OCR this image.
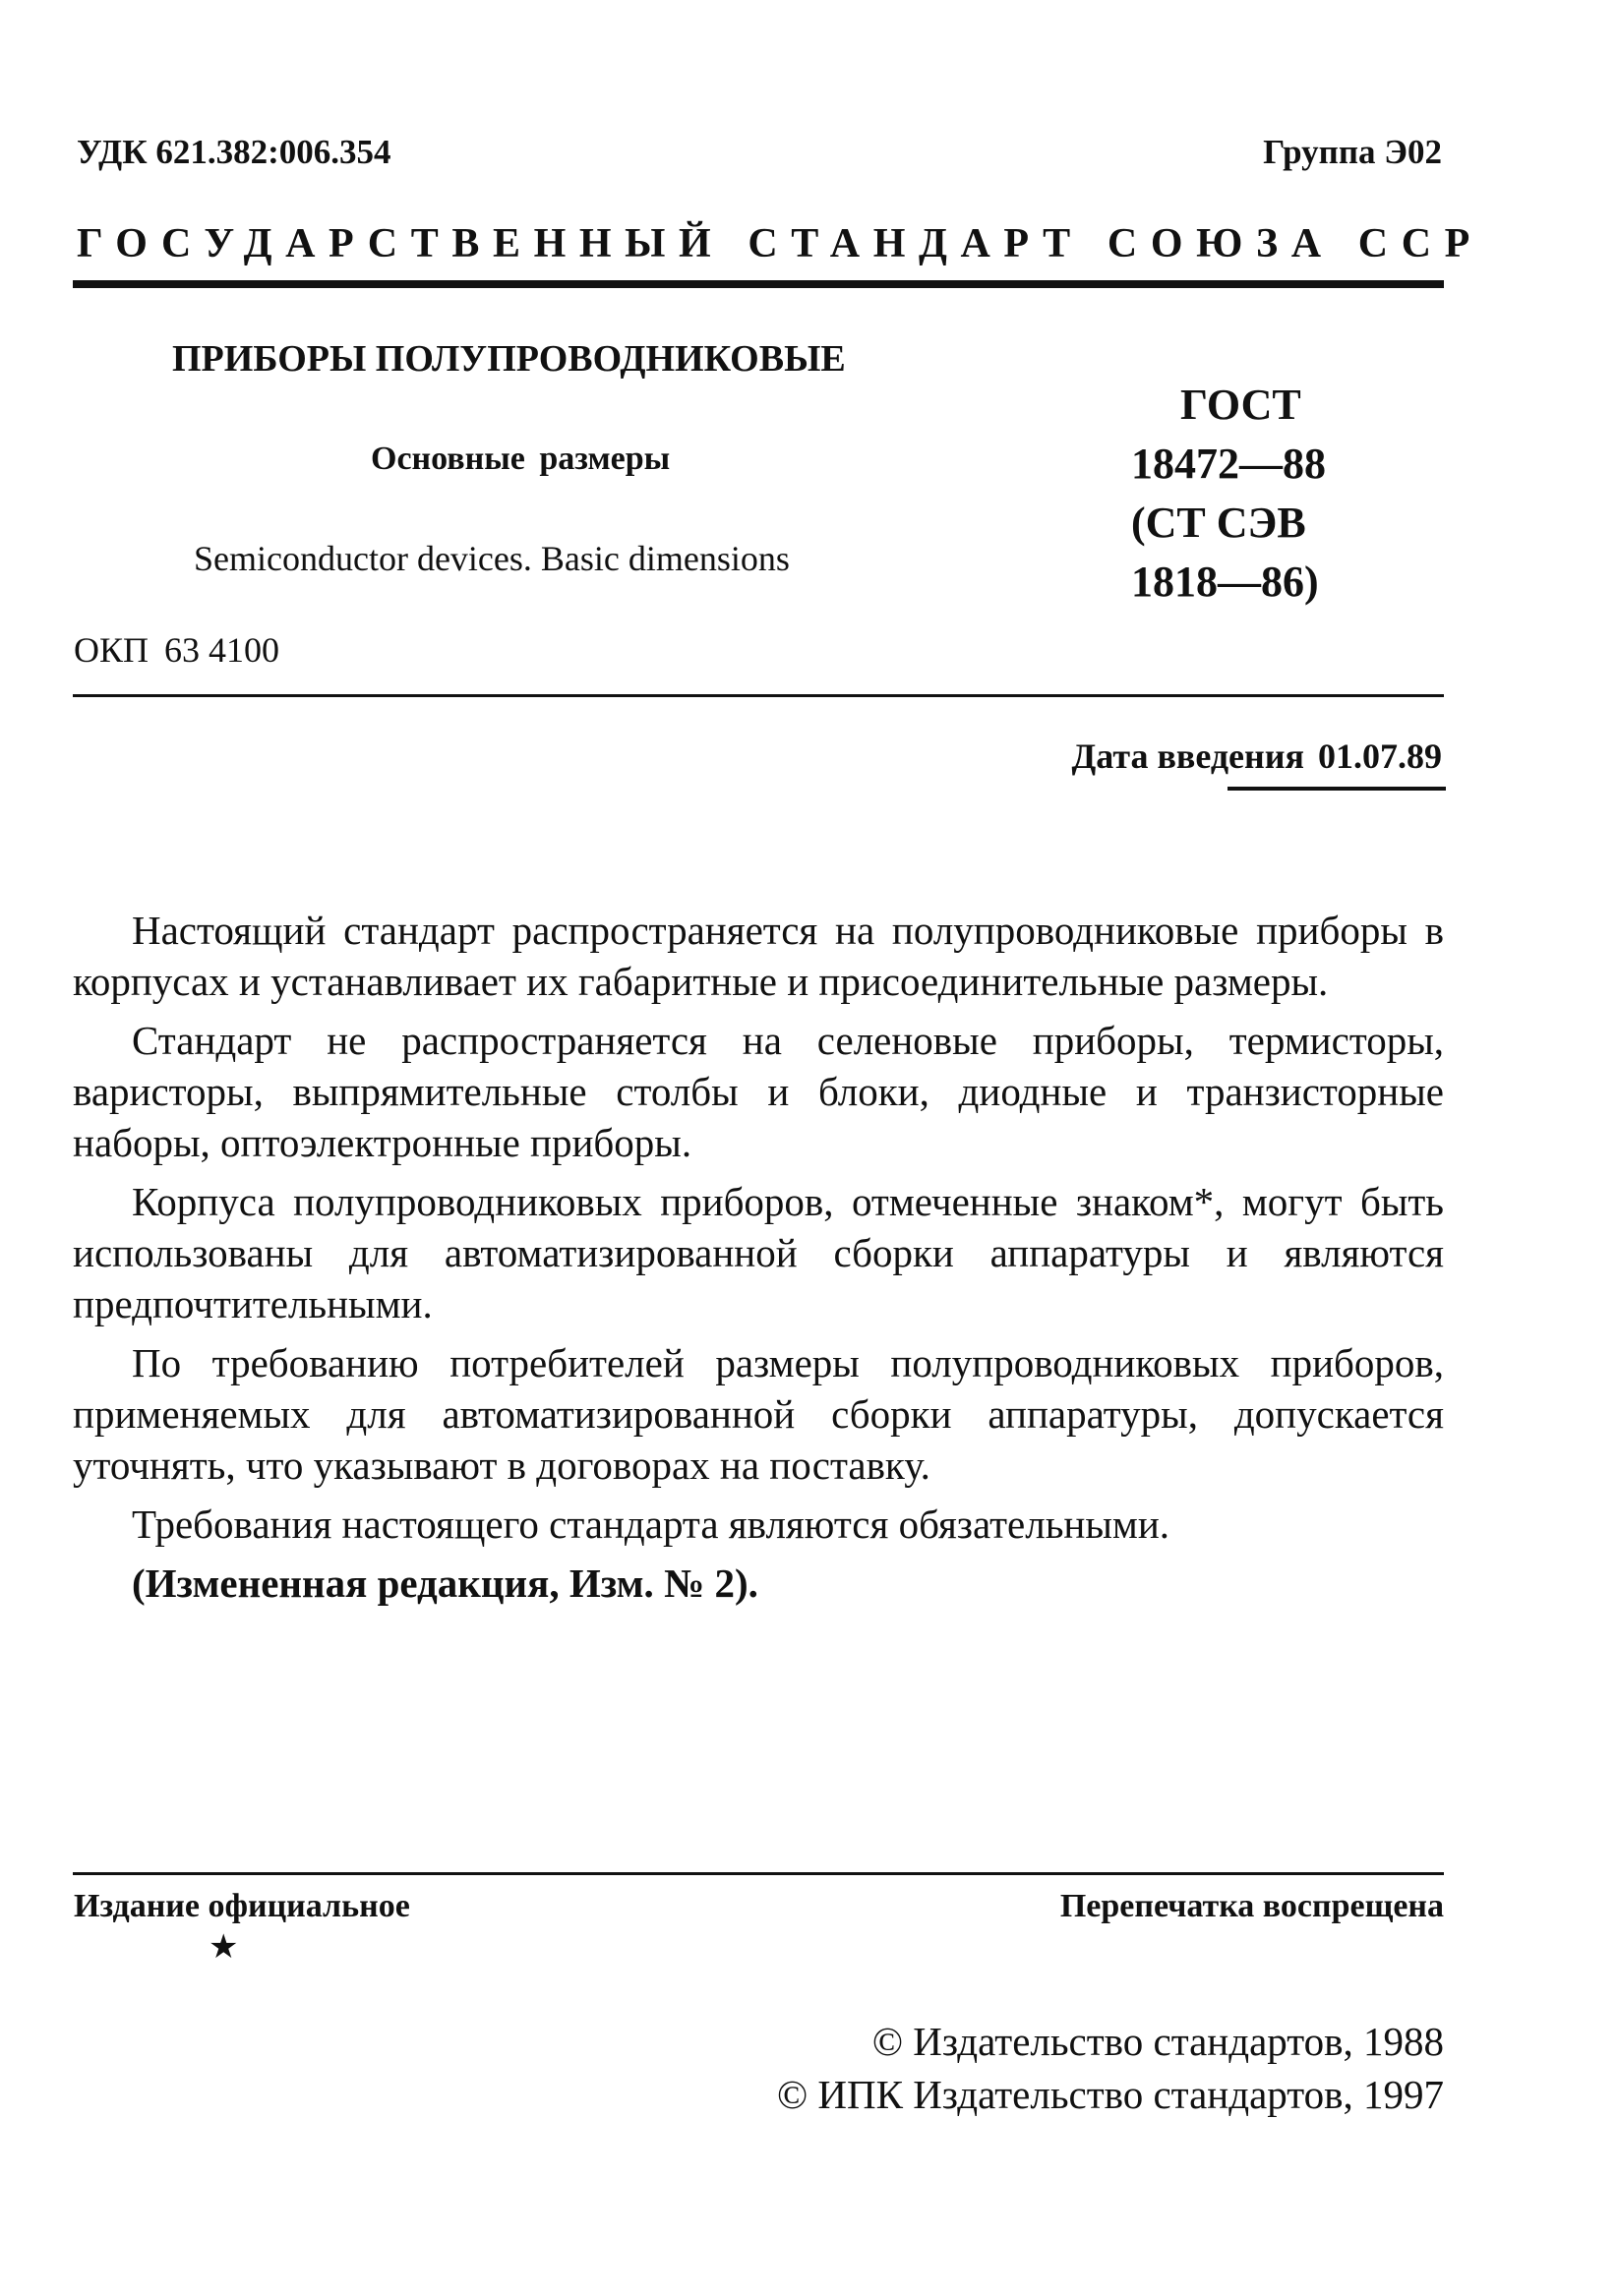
УДК 621.382:006.354	Группа Э02
ГОСУДАРСТВЕННЫЙ СТАНДАРТ СОЮЗА ССР
ПРИБОРЫ ПОЛУПРОВОДНИКОВЫЕ
Основные размеры
Semiconductor devices. Basic dimensions
ГОСТ
18472—88
(СТ СЭВ
1818—86)
ОКП 63 4100
Дата введения 01.07.89

Настоящий стандарт распространяется на полупроводниковые приборы в корпусах и устанавливает их габаритные и присоединительные размеры.

Стандарт не распространяется на селеновые приборы, термисторы, варисторы, выпрямительные столбы и блоки, диодные и транзисторные наборы, оптоэлектронные приборы.

Корпуса полупроводниковых приборов, отмеченные знаком*, могут быть использованы для автоматизированной сборки аппаратуры и являются предпочтительными.

По требованию потребителей размеры полупроводниковых приборов, применяемых для автоматизированной сборки аппаратуры, допускается уточнять, что указывают в договорах на поставку.

Требования настоящего стандарта являются обязательными.

(Измененная редакция, Изм. № 2).

Издание официальное	Перепечатка воспрещена
★
© Издательство стандартов, 1988
© ИПК Издательство стандартов, 1997
